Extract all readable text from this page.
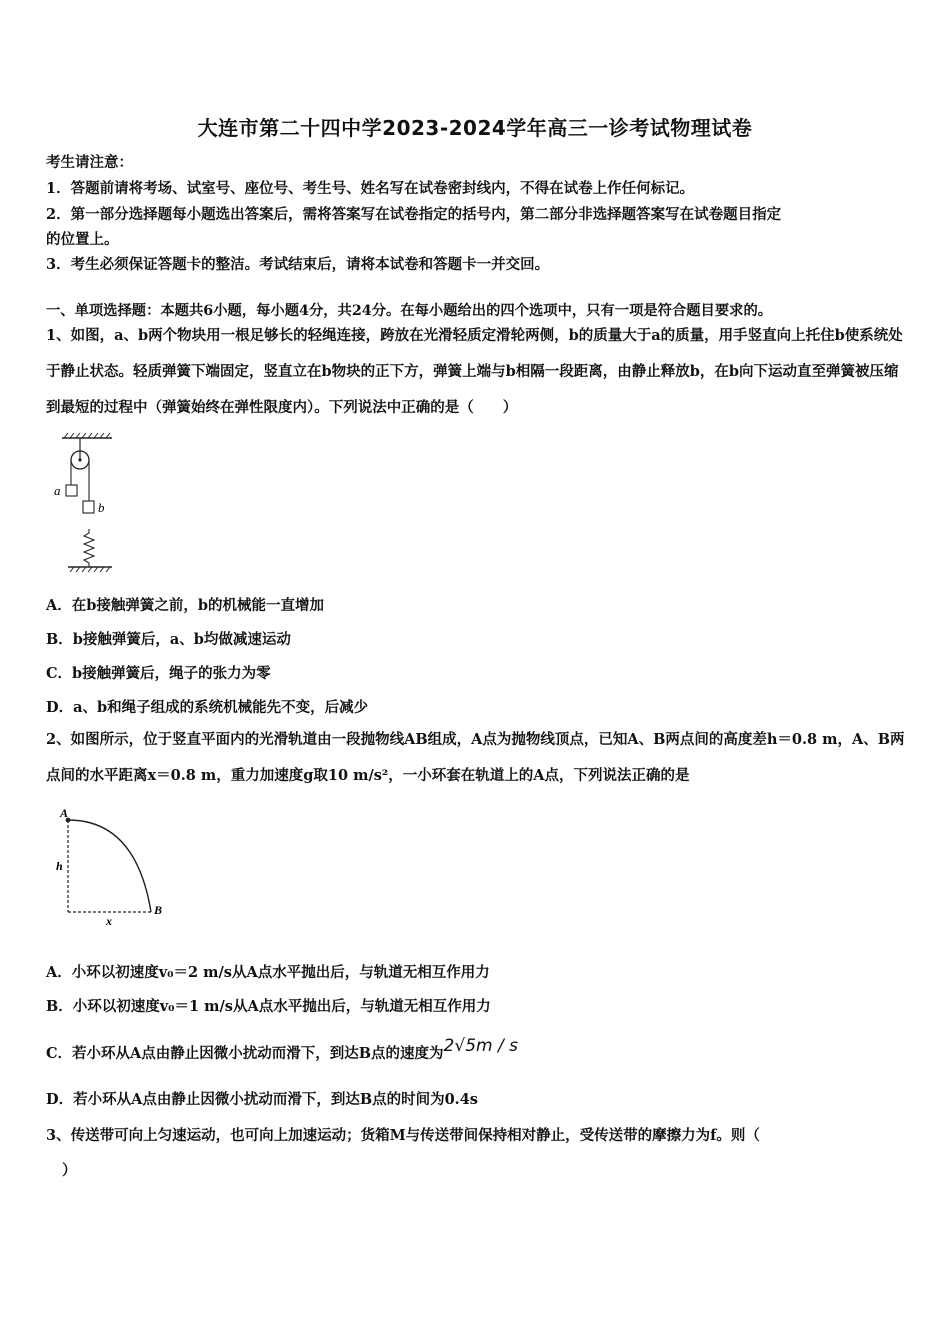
大连市第二十四中学2023-2024学年高三一诊考试物理试卷
考生请注意：
1．答题前请将考场、试室号、座位号、考生号、姓名写在试卷密封线内，不得在试卷上作任何标记。
2．第一部分选择题每小题选出答案后，需将答案写在试卷指定的括号内，第二部分非选择题答案写在试卷题目指定
的位置上。
3．考生必须保证答题卡的整洁。考试结束后，请将本试卷和答题卡一并交回。
一、单项选择题：本题共6小题，每小题4分，共24分。在每小题给出的四个选项中，只有一项是符合题目要求的。
1、如图，a、b两个物块用一根足够长的轻绳连接，跨放在光滑轻质定滑轮两侧，b的质量大于a的质量，用手竖直向上托住b使系统处于静止状态。轻质弹簧下端固定，竖直立在b物块的正下方，弹簧上端与b相隔一段距离，由静止释放b，在b向下运动直至弹簧被压缩到最短的过程中（弹簧始终在弹性限度内）。下列说法中正确的是（　　）
a
b
A．在b接触弹簧之前，b的机械能一直增加
B．b接触弹簧后，a、b均做减速运动
C．b接触弹簧后，绳子的张力为零
D．a、b和绳子组成的系统机械能先不变，后减少
2、如图所示，位于竖直平面内的光滑轨道由一段抛物线AB组成，A点为抛物线顶点，已知A、B两点间的高度差h＝0.8 m，A、B两点间的水平距离x＝0.8 m，重力加速度g取10 m/s²，一小环套在轨道上的A点，下列说法正确的是
A
B
h
x
A．小环以初速度v₀＝2 m/s从A点水平抛出后，与轨道无相互作用力
B．小环以初速度v₀＝1 m/s从A点水平抛出后，与轨道无相互作用力
C．若小环从A点由静止因微小扰动而滑下，到达B点的速度为2√5m / s
D．若小环从A点由静止因微小扰动而滑下，到达B点的时间为0.4s
3、传送带可向上匀速运动，也可向上加速运动；货箱M与传送带间保持相对静止，受传送带的摩擦力为f。则（
）
